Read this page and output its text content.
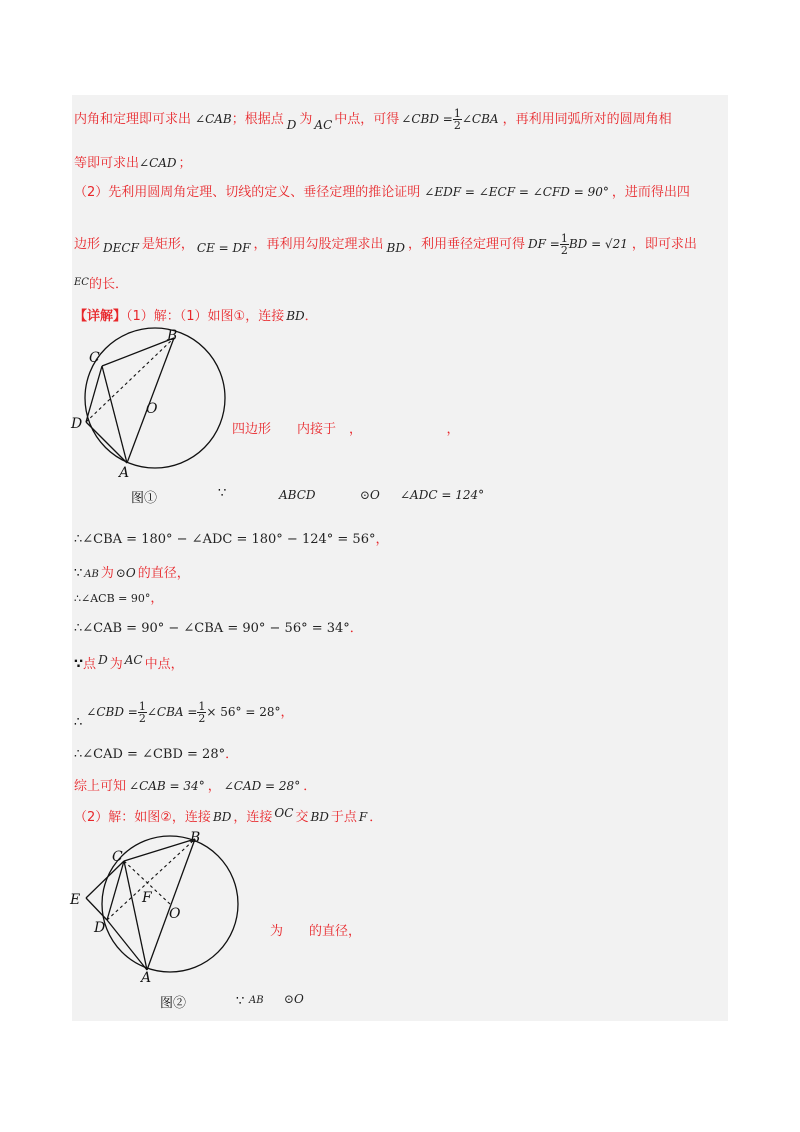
内角和定理即可求出 ∠CAB；根据点 D 为 AC 中点，可得 ∠CBD = $\frac{1}{2}$ ∠CBA ，再利用同弧所对的圆周角相
等即可求出∠CAD ；
（2）先利用圆周角定理、切线的定义、垂径定理的推论证明 ∠EDF = ∠ECF = ∠CFD = 90° ，进而得出四
边形 DECF 是矩形， CE = DF ，再利用勾股定理求出 BD ，利用垂径定理可得 DF = $\frac{1}{2}$ BD = √21 ，即可求出
$^{EC}$的长．
【详解】（1）解：（1）如图①，连接 BD．
C
B
D
O
A
四边形　　内接于　，　　　　　　　，
图①	∵	ABCD	⊙O ∠ADC = 124°
∴∠CBA = 180° − ∠ADC = 180° − 124° = 56°，
∵ AB 为 ⊙O 的直径，
∴∠ACB = 90°，
∴∠CAB = 90° − ∠CBA = 90° − 56° = 34°．
∵点 D 为 AC 中点，
∴∠CBD = $\frac{1}{2}$ ∠CBA = $\frac{1}{2} \times 56^\circ = 28^\circ$，
∴∠CAD = ∠CBD = 28°．
综上可知 ∠CAB = 34° ， ∠CAD = 28° ．
（2）解：如图②，连接 BD ，连接 OC 交 BD 于点 F ．
C
B
E	F
O
D
A
为　　的直径，
图②	∵ AB ⊙O
